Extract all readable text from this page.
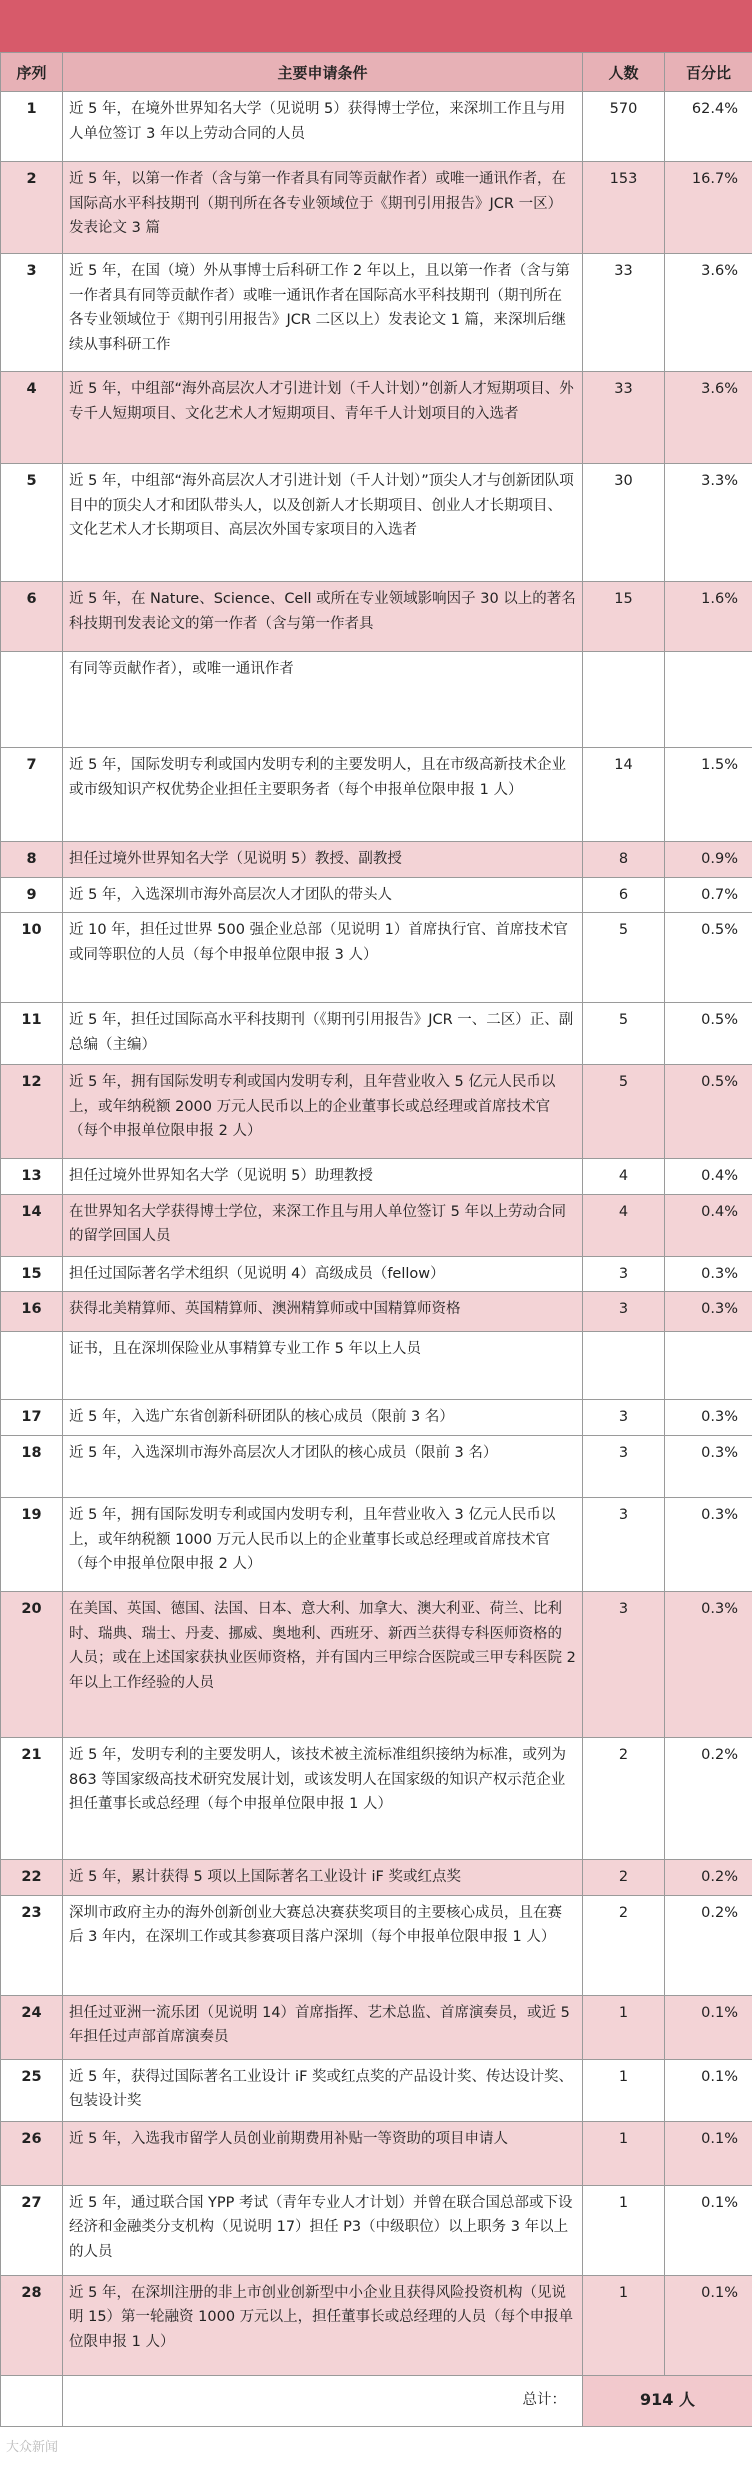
序列	主要申请条件	人数	百分比
1	近 5 年，在境外世界知名大学（见说明 5）获得博士学位，来深圳工作且与用人单位签订 3 年以上劳动合同的人员	570	62.4%
2	近 5 年，以第一作者（含与第一作者具有同等贡献作者）或唯一通讯作者，在国际高水平科技期刊（期刊所在各专业领域位于《期刊引用报告》JCR 一区）发表论文 3 篇	153	16.7%
3	近 5 年，在国（境）外从事博士后科研工作 2 年以上，且以第一作者（含与第一作者具有同等贡献作者）或唯一通讯作者在国际高水平科技期刊（期刊所在各专业领域位于《期刊引用报告》JCR 二区以上）发表论文 1 篇，来深圳后继续从事科研工作	33	3.6%
4	近 5 年，中组部“海外高层次人才引进计划（千人计划）”创新人才短期项目、外专千人短期项目、文化艺术人才短期项目、青年千人计划项目的入选者	33	3.6%
5	近 5 年，中组部“海外高层次人才引进计划（千人计划）”顶尖人才与创新团队项目中的顶尖人才和团队带头人，以及创新人才长期项目、创业人才长期项目、文化艺术人才长期项目、高层次外国专家项目的入选者	30	3.3%
6	近 5 年，在 Nature、Science、Cell 或所在专业领域影响因子 30 以上的著名科技期刊发表论文的第一作者（含与第一作者具	15	1.6%
	有同等贡献作者），或唯一通讯作者		
7	近 5 年，国际发明专利或国内发明专利的主要发明人，且在市级高新技术企业或市级知识产权优势企业担任主要职务者（每个申报单位限申报 1 人）	14	1.5%
8	担任过境外世界知名大学（见说明 5）教授、副教授	8	0.9%
9	近 5 年，入选深圳市海外高层次人才团队的带头人	6	0.7%
10	近 10 年，担任过世界 500 强企业总部（见说明 1）首席执行官、首席技术官或同等职位的人员（每个申报单位限申报 3 人）	5	0.5%
11	近 5 年，担任过国际高水平科技期刊（《期刊引用报告》JCR 一、二区）正、副总编（主编）	5	0.5%
12	近 5 年，拥有国际发明专利或国内发明专利，且年营业收入 5 亿元人民币以上，或年纳税额 2000 万元人民币以上的企业董事长或总经理或首席技术官（每个申报单位限申报 2 人）	5	0.5%
13	担任过境外世界知名大学（见说明 5）助理教授	4	0.4%
14	在世界知名大学获得博士学位，来深工作且与用人单位签订 5 年以上劳动合同的留学回国人员	4	0.4%
15	担任过国际著名学术组织（见说明 4）高级成员（fellow）	3	0.3%
16	获得北美精算师、英国精算师、澳洲精算师或中国精算师资格	3	0.3%
	证书，且在深圳保险业从事精算专业工作 5 年以上人员		
17	近 5 年，入选广东省创新科研团队的核心成员（限前 3 名）	3	0.3%
18	近 5 年，入选深圳市海外高层次人才团队的核心成员（限前 3 名）	3	0.3%
19	近 5 年，拥有国际发明专利或国内发明专利，且年营业收入 3 亿元人民币以上，或年纳税额 1000 万元人民币以上的企业董事长或总经理或首席技术官（每个申报单位限申报 2 人）	3	0.3%
20	在美国、英国、德国、法国、日本、意大利、加拿大、澳大利亚、荷兰、比利时、瑞典、瑞士、丹麦、挪威、奥地利、西班牙、新西兰获得专科医师资格的人员；或在上述国家获执业医师资格，并有国内三甲综合医院或三甲专科医院 2 年以上工作经验的人员	3	0.3%
21	近 5 年，发明专利的主要发明人，该技术被主流标准组织接纳为标准，或列为 863 等国家级高技术研究发展计划，或该发明人在国家级的知识产权示范企业担任董事长或总经理（每个申报单位限申报 1 人）	2	0.2%
22	近 5 年，累计获得 5 项以上国际著名工业设计 iF 奖或红点奖	2	0.2%
23	深圳市政府主办的海外创新创业大赛总决赛获奖项目的主要核心成员，且在赛后 3 年内，在深圳工作或其参赛项目落户深圳（每个申报单位限申报 1 人）	2	0.2%
24	担任过亚洲一流乐团（见说明 14）首席指挥、艺术总监、首席演奏员，或近 5 年担任过声部首席演奏员	1	0.1%
25	近 5 年，获得过国际著名工业设计 iF 奖或红点奖的产品设计奖、传达设计奖、包装设计奖	1	0.1%
26	近 5 年，入选我市留学人员创业前期费用补贴一等资助的项目申请人	1	0.1%
27	近 5 年，通过联合国 YPP 考试（青年专业人才计划）并曾在联合国总部或下设经济和金融类分支机构（见说明 17）担任 P3（中级职位）以上职务 3 年以上的人员	1	0.1%
28	近 5 年，在深圳注册的非上市创业创新型中小企业且获得风险投资机构（见说明 15）第一轮融资 1000 万元以上，担任董事长或总经理的人员（每个申报单位限申报 1 人）	1	0.1%
	总计：	914 人	
大众新闻
